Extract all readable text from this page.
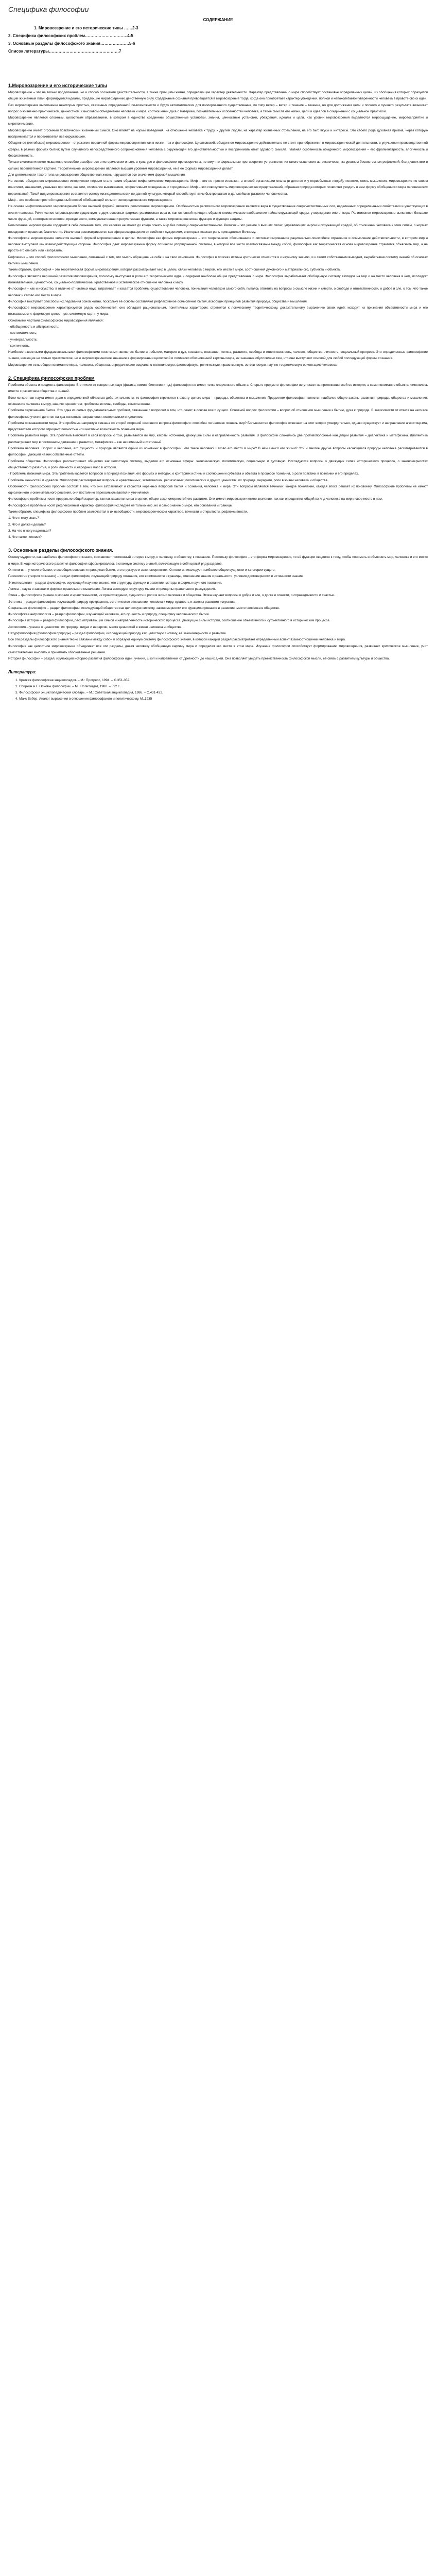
Специфика философии
СОДЕРЖАНИЕ
1. Мировоззрение и его исторические типы ……2-3
2. Специфика философских проблем………………………….4-5
3. Основные разделы философского знания…………………5-6
Список литературы……………………………………………7
1.Мировоззрение и его исторические типы

Мировоззрение – это не только продолжение, но и способ осознания действительности, а также принципы жизни, определяющие характер деятельности. Характер представлений о мире способствует постановке определенных целей, из обобщения которых образуется общий жизненный план, формируются идеалы, придающие мировоззрению действенную силу. Содержание сознания превращается в мировоззрение тогда, когда оно приобретает характер убеждений, полной и непоколебимой уверенности человека в правоте своих идей.

Без мировоззрения выполнение некоторых простых, связанных определенной по-возможности и будто автоматических для изолированного существования, по типу ветер – ветер и течение – течение, но для достижения цели и полного и лучшего результата возникает вопрос о жизненно-практическом, ценностном, смысловом объединении человека и мира, соотношении духа с материей, познавательных особенностей человека, а также смысла его жизни, цели и идеалов в соединении с социальной практикой.

Мировоззрение является сложным, целостным образованием, в котором в единстве соединены общественные установки, знания, ценностные установки, убеждения, идеалы и цели. Как уровни мировоззрения выделяются мироощущение, мировосприятие и миропонимание.

Мировоззрение имеет огромный практический жизненный смысл. Оно влияет на нормы поведения, на отношение человека к труду, к другим людям, на характер жизненных стремлений, на его быт, вкусы и интересы. Это своего рода духовная призма, через которую воспринимается и переживается все окружающее.

Обыденное (житейское) мировоззрение – отражение первичной формы мировосприятия как в жизни, так и философии. Циолковский: обыденное мировоззрение действительно не стоит принебрежения в мировоззренческой деятельности, в улучшении производственной сферы, в разных формах бытия; путем случайного непосредственного соприкосновения человека с окружающей его действительностью и воспринимать опыт здравого смысла. Главная особенность обыденного мировоззрения – его фрагментарность, алогичность и бессистемность.

Только систематическое мышление способно разобраться в историческом опыте, в культуре и философских противоречиях, потому что формальные противоречия устраняются из такого мышления автоматически, за уровнем бессистемных рефлексий, без диалектики в сильно переплетенной картине. Теоретическое мировоззрение является высшим уровнем мировоззрения, не в ее формах мировоззрения делает.

Для деятельности такого типа мировоззрения общественная жизнь нарушается все значением формой мышления.

На основе обыденного мировоззрения исторически первым стало таким образом мифологическое мировоззрение. Миф – это не просто иллюзия, а способ организации опыта (в детстве и у первобытных людей), понятие, стиль мышления, мировоззрение по своим понятиям, значениям, указывая при этом, как жил, отличался выживанием, эффективным поведением с сородичами. Миф – это совокупность мировоззренческих представлений, образная природа которых позволяет увидеть в нем форму обобщенного мира человеческих переживаний. Такой вид мировоззрения составляет основу жизнедеятельности по данной культуре, который способствует этим быстро шагам в дальнейшем развитии человечества.

Миф – это особенно простой подлинный способ обобщающей силы от непосредственного мировоззрения.

На основе мифологического мировоззрения более высокой формой является религиозное мировоззрение. Особенностью религиозного мировоззрения является вера в существование сверхъестественных сил, наделенных определенными свойствами и участвующих в жизни человека. Религиозное мировоззрение существует в двух основных формах: религиозная вера и, как основной принцип, образно-символическое изображение тайны окружающей среды, утверждение иного мира. Религиозное мировоззрение выполняет большое число функций, к которым относятся, прежде всего, коммуникативная и регулятивная функции, а также мировоззренческая функция и функция защиты.

Религиозное мировоззрение содержит в себе сознание того, что человек не может до конца понять мир без помощи сверхъестественного. Религия – это учение о высших силах, управляющих миром и окружающей средой, об отношении человека к этим силам, о нормах поведения и правилах благочестия. Иначе она рассматривается как сфера возвращения от свойств к суждениям, в которых главная роль принадлежит Вечному.

Философское мировоззрение является высшей формой мировоззрения в целом. Философия как форма мировоззрения – это теоретически обоснованное и систематизированное рационально-понятийное отражение и осмысление действительности, в котором мир и человек выступают как взаимодействующие стороны. Философия дает мировоззрению форму логически упорядоченной системы, в которой все части взаимосвязаны между собой, философия как теоретическая основа мировоззрения стремится объяснить мир, а не просто его описать или изобразить.

Рефлексия – это способ философского мышления, связанный с тем, что мысль обращена на себя и на свои основания. Философия в поисках истины критически относится и к научному знанию, и к своим собственным выводам, вырабатывая систему знаний об основах бытия и мышления.

Таким образом, философия – это теоретическая форма мировоззрения, которая рассматривает мир в целом, связи человека с миром, его место в мире, соотношения духовного и материального, субъекта и объекта.

Философия является вершиной развития мировоззрения, поскольку выступает в роли его теоретического ядра и содержит наиболее общие представления о мире. Философия вырабатывает обобщенную систему взглядов на мир и на место человека в нем, исследует познавательное, ценностное, социально-политическое, нравственное и эстетическое отношение человека к миру.

Философия – как и искусство, в отличие от частных наук, затрагивает и касается проблемы существования человека, понимания человеком самого себя, пытаясь ответить на вопросы о смысле жизни и смерти, о свободе и ответственности, о добре и зле, о том, что такое человек и каково его место в мире.

Философия выступает способом исследования основ жизни, поскольку её основы составляют рефлексивное осмысление бытия, всеобщих принципов развития природы, общества и мышления.

Философское мировоззрение характеризуется рядом особенностей: оно обладает рациональным, понятийным характером; стремится к логическому, теоретическому, доказательному выражению своих идей; исходит из признания объективности мира и его познаваемости; формирует целостную, системную картину мира.

Основными чертами философского мировоззрения являются:

- обобщенность и абстрактность;

- систематичность;

- универсальность;

- критичность.

Наиболее известными фундаментальными философскими понятиями являются: бытие и небытие, материя и дух, сознание, познание, истина, развитие, свобода и ответственность, человек, общество, личность, социальный прогресс. Это определенные философские знания, имеющие не только практическое, но и мировоззренческое значение в формировании целостной и логически обоснованной картины мира, их значение обусловлено тем, что они выступают основой для любой последующей формы сознания.

Мировоззрение есть общее понимание мира, человека, общества, определяющее социально-политическую, философскую, религиозную, нравственную, эстетическую, научно-теоретическую ориентацию человека.

2. Специфика философских проблем

Проблема объекта и предмета философии. В отличие от конкретных наук (физика, химия, биология и т.д.) философия не имеет четко очерченного объекта. Споры о предмете философии не утихают на протяжении всей ее истории, а само понимание объекта изменилось вместе с развитием общества и знаний.

Если конкретная наука имеет дело с определенной областью действительности, то философия стремится к охвату целого мира – природы, общества и мышления. Предметом философии являются наиболее общие законы развития природы, общества и мышления; отношение человека к миру, знанию, ценностям; проблемы истины, свободы, смысла жизни.

Проблема первоначала бытия. Это одна из самых фундаментальных проблем, связанная с вопросом о том, что лежит в основе всего сущего. Основной вопрос философии – вопрос об отношении мышления к бытию, духа к природе. В зависимости от ответа на него все философские учения делятся на два основных направления: материализм и идеализм.

Проблема познаваемости мира. Эта проблема напрямую связана со второй стороной основного вопроса философии: способен ли человек познать мир? Большинство философов отвечают на этот вопрос утвердительно, однако существует и направление агностицизма, представители которого отрицают полностью или частично возможность познания мира.

Проблема развития мира. Эта проблема включает в себя вопросы о том, развивается ли мир, каковы источники, движущие силы и направленность развития. В философии сложились две противоположные концепции развития – диалектика и метафизика. Диалектика рассматривает мир в постоянном движении и развитии, метафизика – как неизменный и статичный.

Проблема человека. Вопрос о человеке, его сущности и природе является одним из основных в философии. Что такое человек? Каково его место в мире? В чем смысл его жизни? Эти и многие другие вопросы касающиеся природы человека рассматриваются в философии, дающей на них собственные ответы.

Проблема общества. Философия рассматривает общество как целостную систему, выделяя его основные сферы: экономическую, политическую, социальную и духовную. Исследуются вопросы о движущих силах исторического процесса, о закономерностях общественного развития, о роли личности и народных масс в истории.

- Проблемы познания мира. Эта проблема касается вопросов о природе познания, его формах и методах, о критериях истины и соотношении субъекта и объекта в процессе познания, о роли практики в познании и его пределах.

Проблемы ценностей и идеалов. Философия рассматривает вопросы о нравственных, эстетических, религиозных, политических и других ценностях, их природе, иерархии, роли в жизни человека и общества.

Особенности философских проблем состоят в том, что они затрагивают и касаются коренных вопросов бытия и сознания, человека и мира. Эти вопросы являются вечными: каждое поколение, каждая эпоха решает их по-своему. Философские проблемы не имеют однозначного и окончательного решения, они постоянно переосмысливаются и уточняются.

Философские проблемы носят предельно общий характер, так как касаются мира в целом, общих закономерностей его развития. Они имеют мировоззренческое значение, так как определяют общий взгляд человека на мир и свое место в нем.

Философские проблемы носят рефлексивный характер: философия исследует не только мир, но и само знание о мире, его основания и границы.

Таким образом, специфика философских проблем заключается в их всеобщности, мировоззренческом характере, вечности и открытости, рефлексивности.

1. Что я могу знать?

2. Что я должен делать?

3. На что я могу надеяться?

4. Что такое человек?

3. Основные разделы философского знания.

Основу мудрости, как наиболее философского знания, составляют постоянный интерес к миру, к человеку, к обществу, к познанию. Поскольку философия – это форма мировоззрения, то её функции сводятся к тому, чтобы понимать и объяснять мир, человека и его место в мире. В ходе исторического развития философия сформировалась в сложную систему знаний, включающую в себя целый ряд разделов.

Онтология – учение о бытии, о всеобщих основах и принципах бытия, его структуре и закономерностях. Онтология исследует наиболее общие сущности и категории сущего.

Гносеология (теория познания) – раздел философии, изучающий природу познания, его возможности и границы, отношение знания к реальности, условия достоверности и истинности знания.

Эпистемология – раздел философии, изучающий научное знание, его структуру, функции и развитие, методы и формы научного познания.

Логика – наука о законах и формах правильного мышления. Логика исследует структуру мысли и принципы правильного рассуждения.

Этика – философское учение о морали и нравственности, их происхождении, сущности и роли в жизни человека и общества. Этика изучает вопросы о добре и зле, о долге и совести, о справедливости и счастье.

Эстетика – раздел философии, изучающий природу прекрасного, эстетическое отношение человека к миру, сущность и законы развития искусства.

Социальная философия – раздел философии, исследующий общество как целостную систему, закономерности его функционирования и развития, место человека в обществе.

Философская антропология – раздел философии, изучающий человека, его сущность и природу, специфику человеческого бытия.

Философия истории – раздел философии, рассматривающий смысл и направленность исторического процесса, движущие силы истории, соотношение объективного и субъективного в историческом процессе.

Аксиология – учение о ценностях, их природе, видах и иерархии, месте ценностей в жизни человека и общества.

Натурфилософия (философия природы) – раздел философии, исследующий природу как целостную систему, её закономерности и развитие.

Все эти разделы философского знания тесно связаны между собой и образуют единую систему философского знания, в которой каждый раздел рассматривает определенный аспект взаимоотношений человека и мира.

Философия как целостное мировоззрение объединяет все эти разделы, давая человеку обобщенную картину мира и определяя его место в этом мире. Изучение философии способствует формированию мировоззрения, развивает критическое мышление, учит самостоятельно мыслить и принимать обоснованные решения.

История философии – раздел, изучающий историю развития философских идей, учений, школ и направлений от древности до наших дней. Она позволяет увидеть преемственность философской мысли, её связь с развитием культуры и общества.

Литература:
1. Краткая философская энциклопедия. – М.: Прогресс, 1994. – С.351-352.
2. Спиркин А.Г. Основы философии. – М.: Политиздат, 1988. – 592 с.
3. Философский энциклопедический словарь. – М.: Советская энциклопедия, 1986. – С.431-432.
4. Макс Вебер. Аналог выражения в отношении философского и политическому. М.,1935
